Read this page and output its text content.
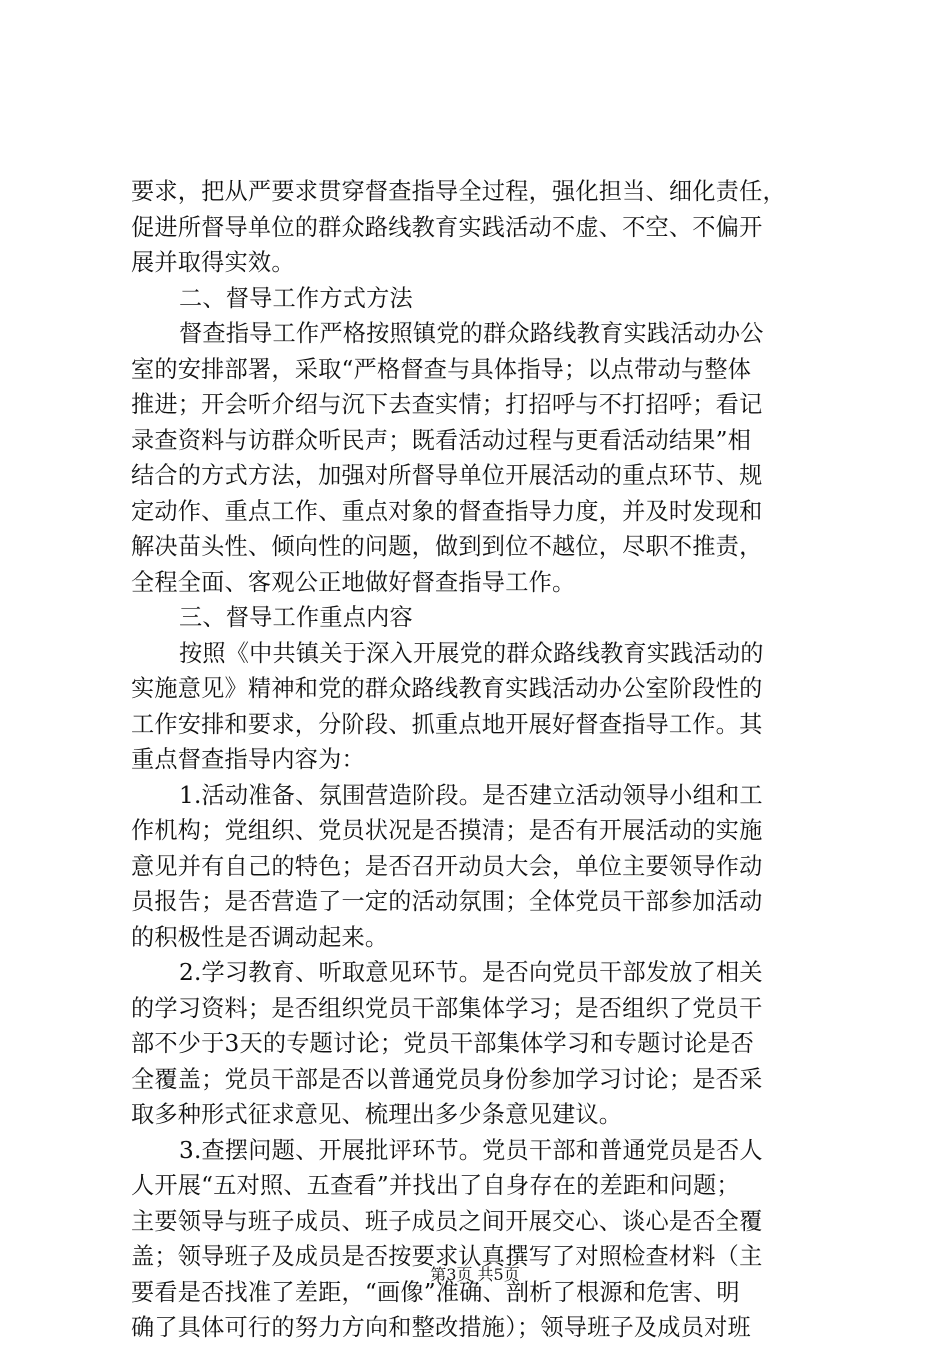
要求，把从严要求贯穿督查指导全过程，强化担当、细化责任，
促进所督导单位的群众路线教育实践活动不虚、不空、不偏开
展并取得实效。
二、督导工作方式方法
督查指导工作严格按照镇党的群众路线教育实践活动办公
室的安排部署，采取“严格督查与具体指导；以点带动与整体
推进；开会听介绍与沉下去查实情；打招呼与不打招呼；看记
录查资料与访群众听民声；既看活动过程与更看活动结果”相
结合的方式方法，加强对所督导单位开展活动的重点环节、规
定动作、重点工作、重点对象的督查指导力度，并及时发现和
解决苗头性、倾向性的问题，做到到位不越位，尽职不推责，
全程全面、客观公正地做好督查指导工作。
三、督导工作重点内容
按照《中共镇关于深入开展党的群众路线教育实践活动的
实施意见》精神和党的群众路线教育实践活动办公室阶段性的
工作安排和要求，分阶段、抓重点地开展好督查指导工作。其
重点督查指导内容为：
1.活动准备、氛围营造阶段。是否建立活动领导小组和工
作机构；党组织、党员状况是否摸清；是否有开展活动的实施
意见并有自己的特色；是否召开动员大会，单位主要领导作动
员报告；是否营造了一定的活动氛围；全体党员干部参加活动
的积极性是否调动起来。
2.学习教育、听取意见环节。是否向党员干部发放了相关
的学习资料；是否组织党员干部集体学习；是否组织了党员干
部不少于3天的专题讨论；党员干部集体学习和专题讨论是否
全覆盖；党员干部是否以普通党员身份参加学习讨论；是否采
取多种形式征求意见、梳理出多少条意见建议。
3.查摆问题、开展批评环节。党员干部和普通党员是否人
人开展“五对照、五查看”并找出了自身存在的差距和问题；
主要领导与班子成员、班子成员之间开展交心、谈心是否全覆
盖；领导班子及成员是否按要求认真撰写了对照检查材料（主
要看是否找准了差距，“画像”准确、剖析了根源和危害、明
确了具体可行的努力方向和整改措施）；领导班子及成员对班
第3页 共5页
